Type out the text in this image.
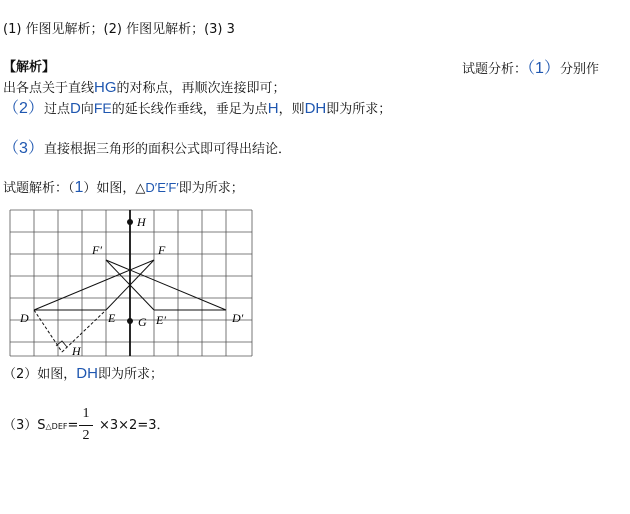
(1) 作图见解析；(2) 作图见解析；(3) 3
【解析】	试题分析：（1）分别作
出各点关于直线HG的对称点，再顺次连接即可；
（2）过点D向FE的延长线作垂线，垂足为点H，则DH即为所求；
（3）直接根据三角形的面积公式即可得出结论．
试题解析：（1）如图，△D′E′F′即为所求；
H
F′	F
D	E G E′	D′
H
（2）如图，DH即为所求；
（3）S△DEF=
1
2
×3×2=3．
